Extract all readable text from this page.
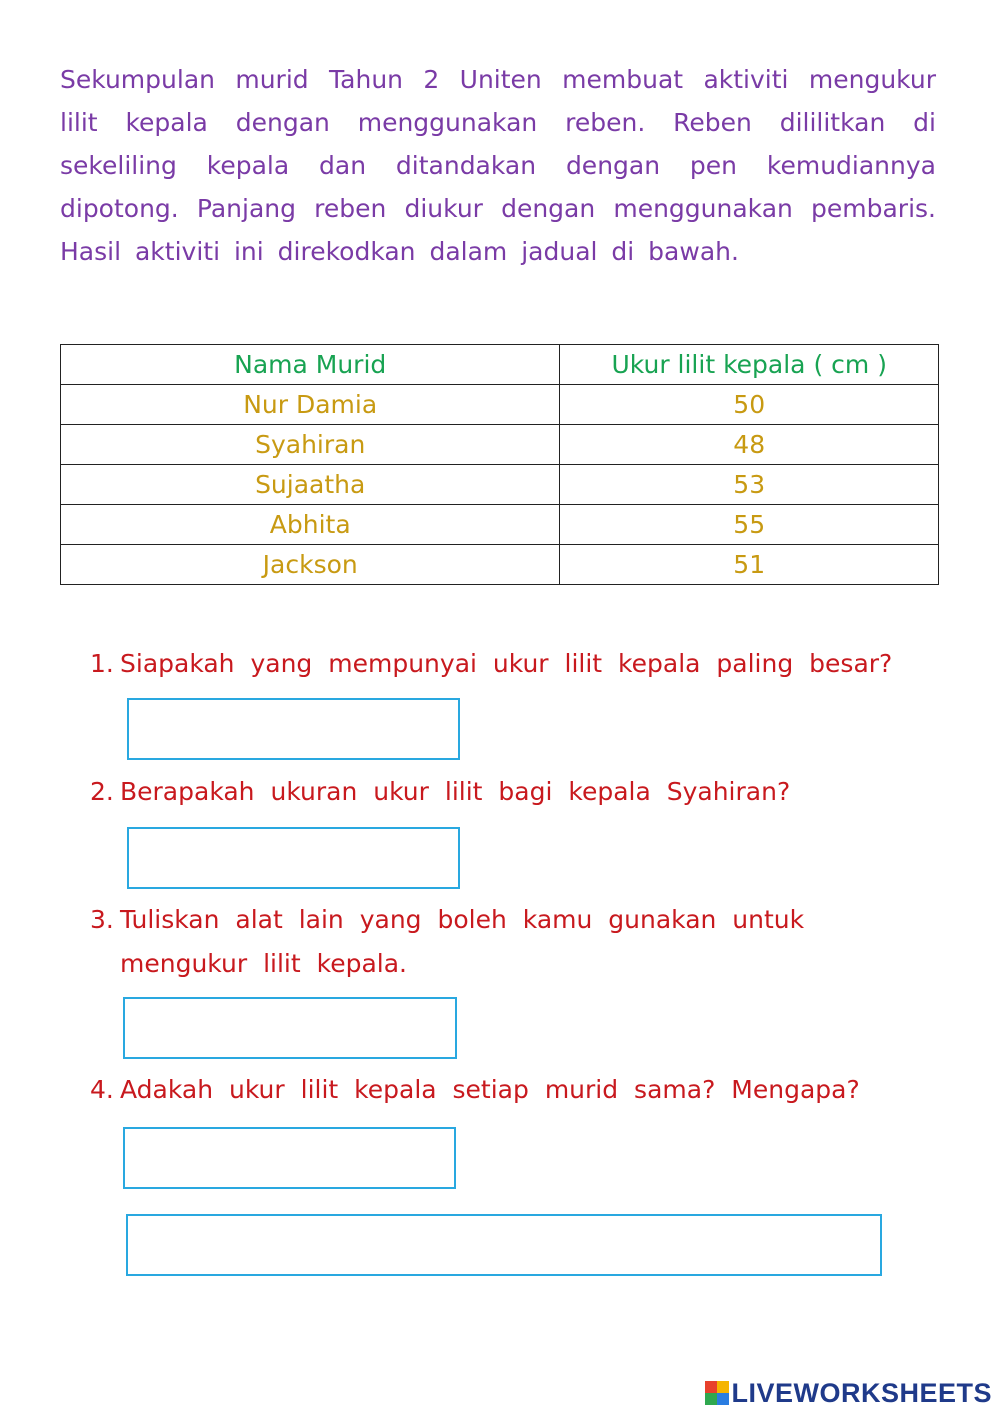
Sekumpulan murid Tahun 2 Uniten membuat aktiviti mengukur
lilit kepala dengan menggunakan reben. Reben dililitkan di
sekeliling kepala dan ditandakan dengan pen kemudiannya
dipotong. Panjang reben diukur dengan menggunakan pembaris.
Hasil aktiviti ini direkodkan dalam jadual di bawah.
Nama Murid	Ukur lilit kepala ( cm )
Nur Damia	50
Syahiran	48
Sujaatha	53
Abhita	55
Jackson	51
1. Siapakah yang mempunyai ukur lilit kepala paling besar?
2. Berapakah ukuran ukur lilit bagi kepala Syahiran?
3. Tuliskan alat lain yang boleh kamu gunakan untuk
mengukur lilit kepala.
4. Adakah ukur lilit kepala setiap murid sama? Mengapa?
LIVEWORKSHEETS
